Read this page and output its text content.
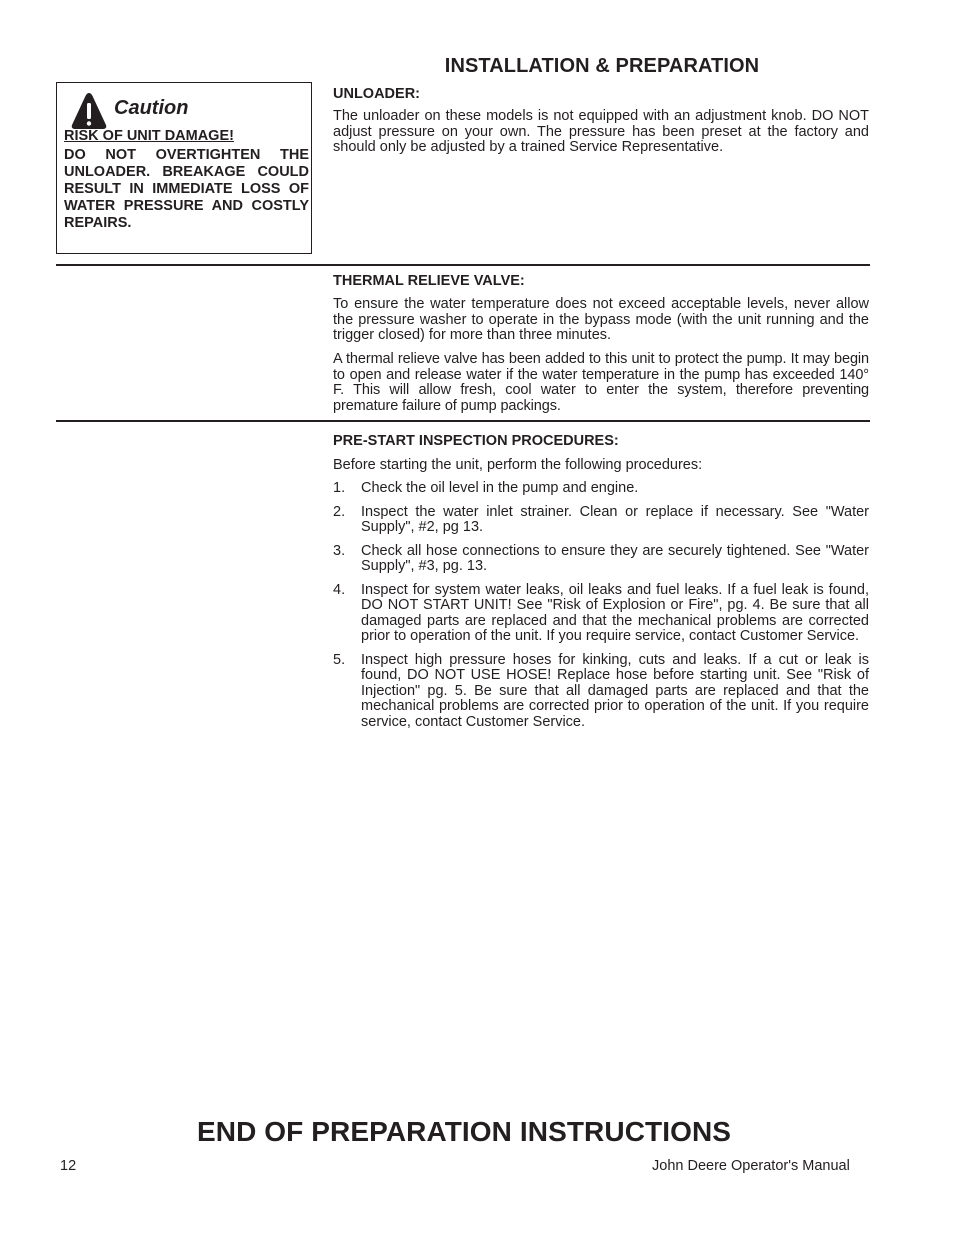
INSTALLATION & PREPARATION
Caution
RISK OF UNIT DAMAGE!
DO NOT OVERTIGHTEN THE UNLOADER. BREAKAGE COULD RESULT IN IMMEDIATE LOSS OF WATER PRESSURE AND COSTLY REPAIRS.
UNLOADER:
The unloader on these models is not equipped with an adjustment knob. DO NOT adjust pressure on your own. The pressure has been preset at the factory and should only be adjusted by a trained Service Representative.
THERMAL RELIEVE VALVE:
To ensure the water temperature does not exceed acceptable levels, never allow the pressure washer to operate in the bypass mode (with the unit running and the trigger closed) for more than three minutes.
A thermal relieve valve has been added to this unit to protect the pump. It may begin to open and release water if the water temperature in the pump has exceeded 140° F. This will allow fresh, cool water to enter the system, therefore preventing premature failure of pump packings.
PRE-START INSPECTION PROCEDURES:
Before starting the unit, perform the following procedures:
1. Check the oil level in the pump and engine.
2. Inspect the water inlet strainer. Clean or replace if necessary. See "Water Supply", #2, pg 13.
3. Check all hose connections to ensure they are securely tightened. See "Water Supply", #3, pg. 13.
4. Inspect for system water leaks, oil leaks and fuel leaks. If a fuel leak is found, DO NOT START UNIT! See "Risk of Explosion or Fire", pg. 4. Be sure that all damaged parts are replaced and that the mechanical problems are corrected prior to operation of the unit. If you require service, contact Customer Service.
5. Inspect high pressure hoses for kinking, cuts and leaks. If a cut or leak is found, DO NOT USE HOSE! Replace hose before starting unit. See "Risk of Injection" pg. 5. Be sure that all damaged parts are replaced and that the mechanical problems are corrected prior to operation of the unit. If you require service, contact Customer Service.
END OF PREPARATION INSTRUCTIONS
12	John Deere Operator's Manual
